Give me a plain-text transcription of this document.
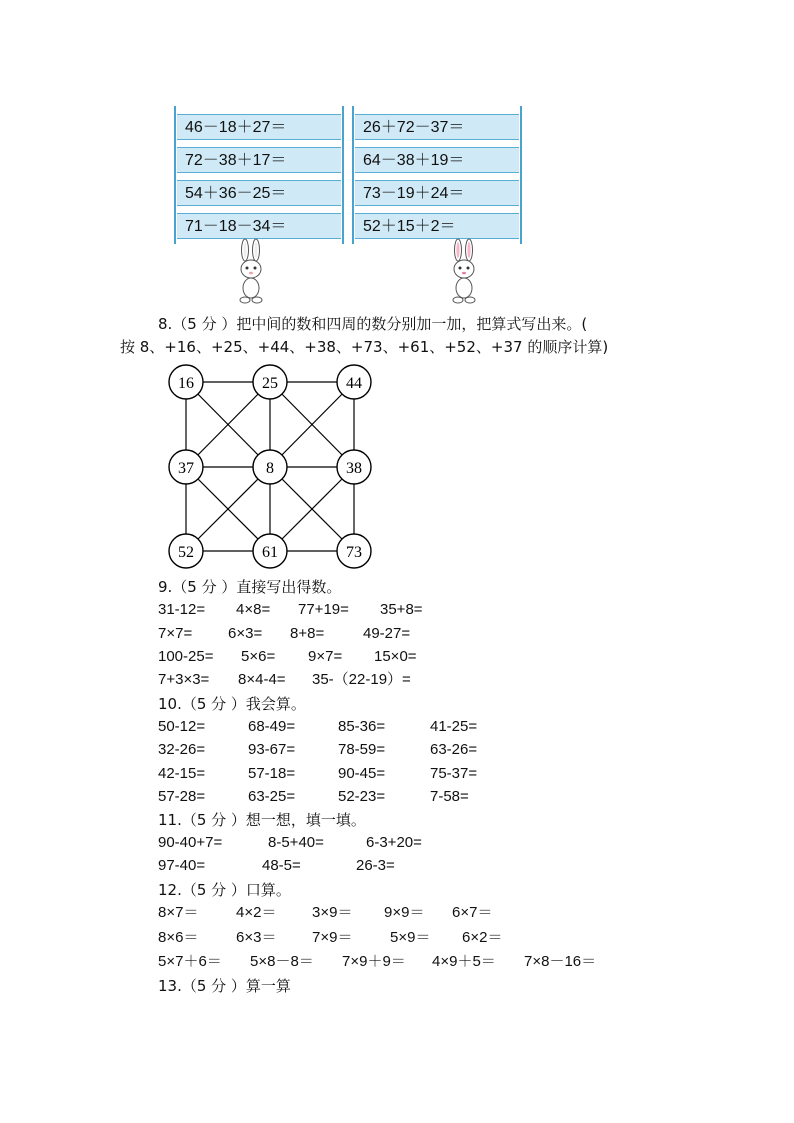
46－18＋27＝
72－38＋17＝
54＋36－25＝
71－18－34＝
26＋72－37＝
64－38＋19＝
73－19＋24＝
52＋15＋2＝
8.（5 分 ）把中间的数和四周的数分别加一加，把算式写出来。(
按 8、+16、+25、+44、+38、+73、+61、+52、+37 的顺序计算)
16	25	44
37	8	38
52	61	73
9.（5 分 ）直接写出得数。
31-12= 4×8= 77+19= 35+8=
7×7= 6×3= 8+8=	49-27=
100-25= 5×6= 9×7= 15×0=
7+3×3= 8×4-4= 35-（22-19）=
10.（5 分 ）我会算。
50-12=	68-49=	85-36=	41-25=
32-26=	93-67=	78-59=	63-26=
42-15=	57-18=	90-45=	75-37=
57-28=	63-25=	52-23=	7-58=
11.（5 分 ）想一想，填一填。
90-40+7=	8-5+40=	6-3+20=
97-40=	48-5=	26-3=
12.（5 分 ）口算。
8×7＝	4×2＝ 3×9＝ 9×9＝ 6×7＝
8×6＝	6×3＝ 7×9＝	5×9＝ 6×2＝
5×7＋6＝ 5×8－8＝ 7×9＋9＝ 4×9＋5＝ 7×8－16＝
13.（5 分 ）算一算
